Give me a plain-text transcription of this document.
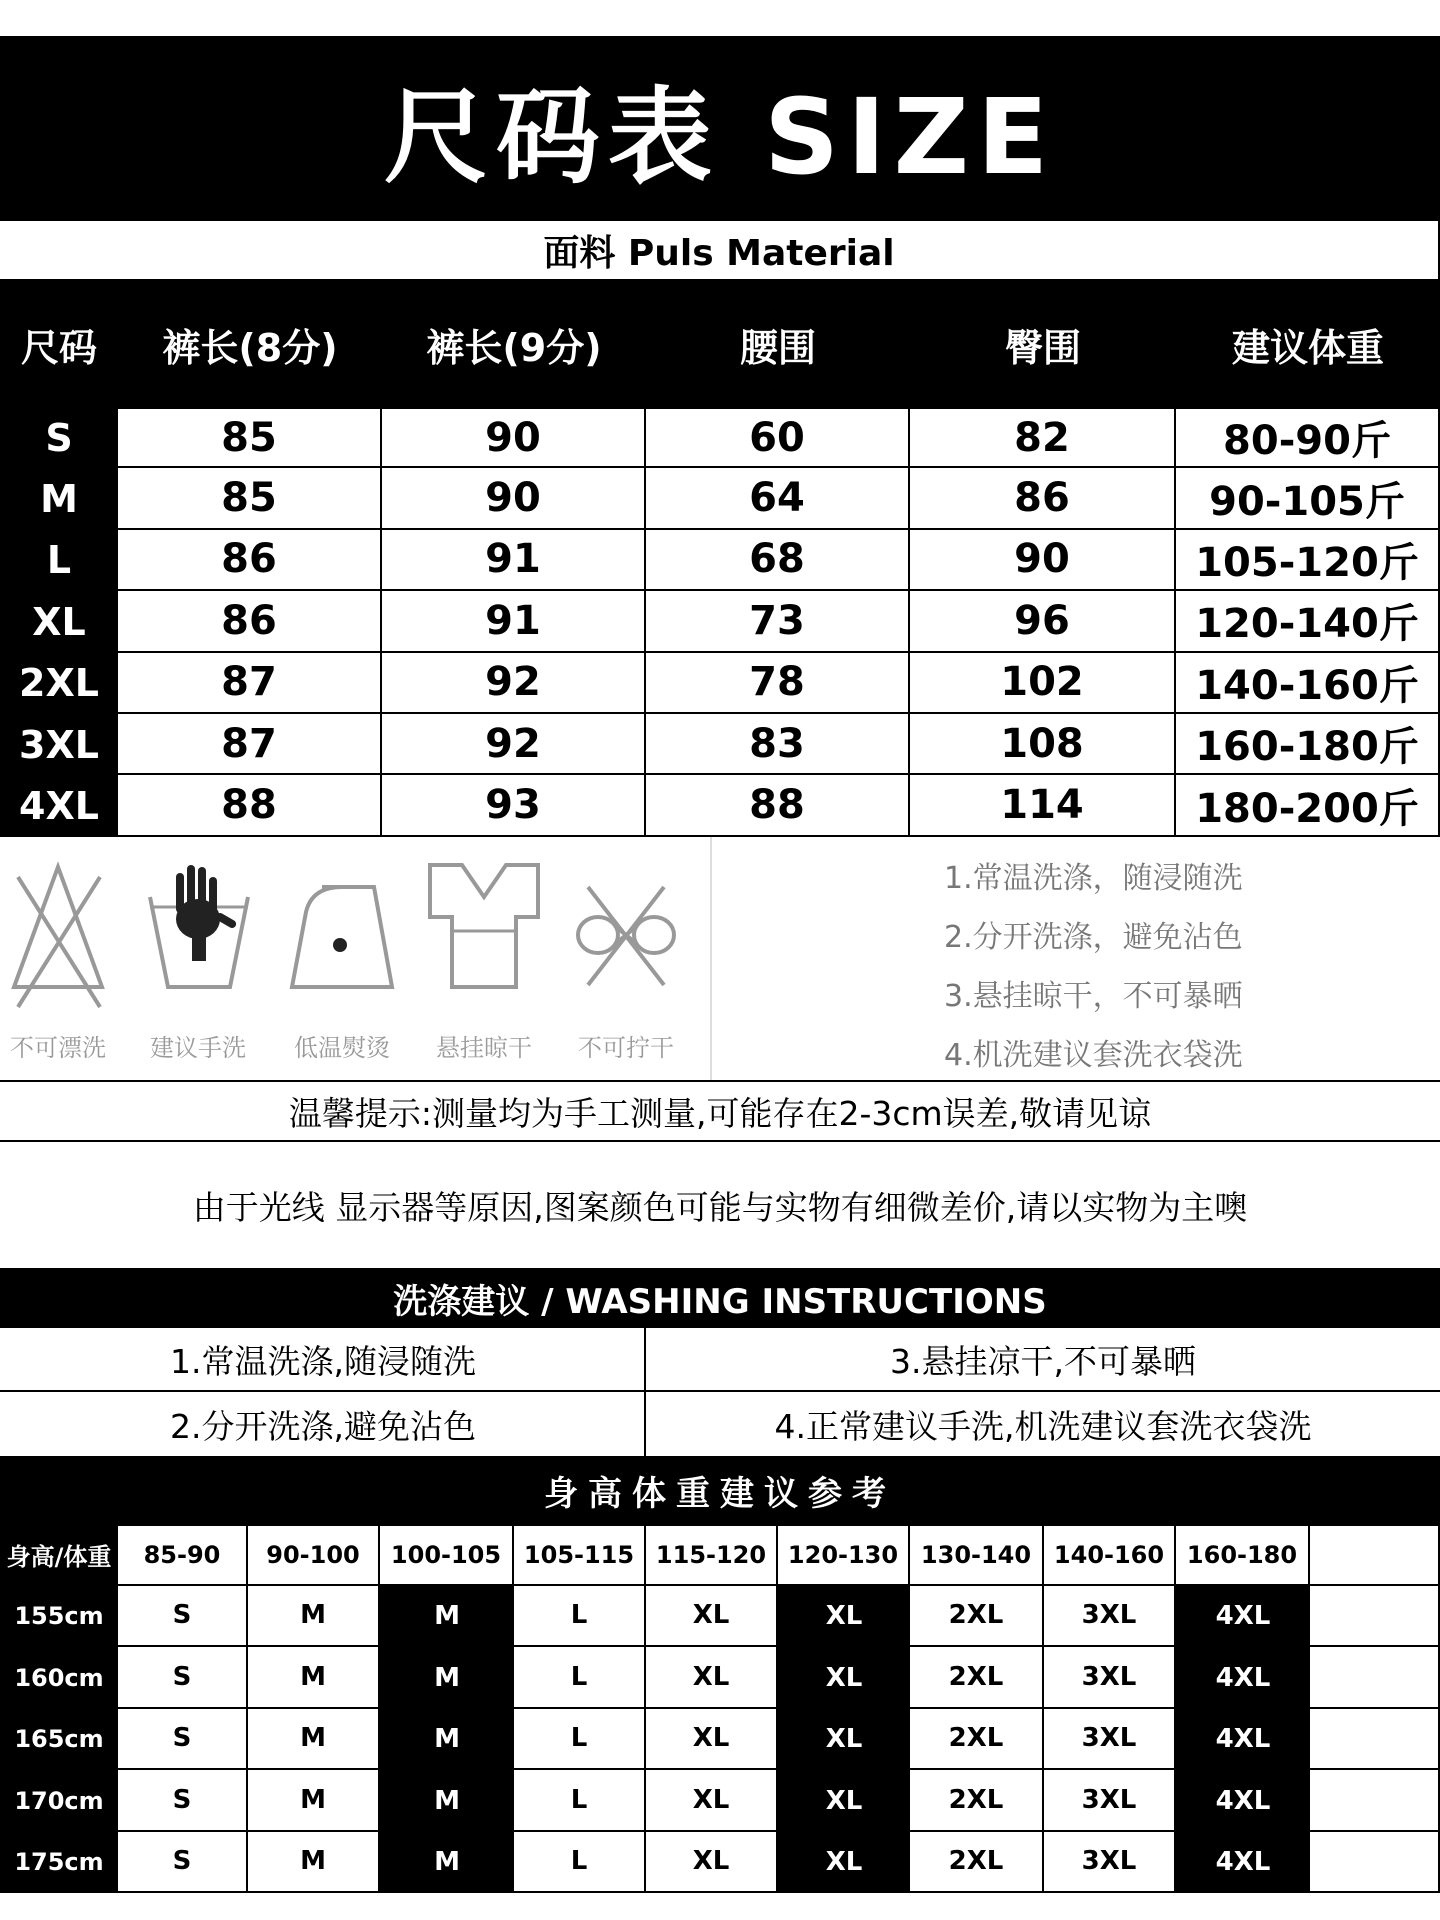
尺码表 SIZE
面料 Puls Material
尺码	裤长(8分)	裤长(9分)	腰围	臀围	建议体重
S	85	90	60	82	80-90斤
M	85	90	64	86	90-105斤
L	86	91	68	90	105-120斤
XL	86	91	73	96	120-140斤
2XL	87	92	78	102	140-160斤
3XL	87	92	83	108	160-180斤
4XL	88	93	88	114	180-200斤
不可漂洗	建议手洗	低温熨烫	悬挂晾干	不可拧干
1.常温洗涤，随浸随洗
2.分开洗涤，避免沾色
3.悬挂晾干，不可暴晒
4.机洗建议套洗衣袋洗
温馨提示:测量均为手工测量,可能存在2-3cm误差,敬请见谅
由于光线 显示器等原因,图案颜色可能与实物有细微差价,请以实物为主噢
洗涤建议 / WASHING INSTRUCTIONS
1.常温洗涤,随浸随洗	3.悬挂凉干,不可暴晒
2.分开洗涤,避免沾色	4.正常建议手洗,机洗建议套洗衣袋洗
身高体重建议参考
身高/体重	85-90	90-100	100-105 105-115 115-120 120-130 130-140 140-160 160-180
155cm	S	M	M	L	XL	XL	2XL	3XL	4XL
160cm	S	M	M	L	XL	XL	2XL	3XL	4XL
165cm	S	M	M	L	XL	XL	2XL	3XL	4XL
170cm	S	M	M	L	XL	XL	2XL	3XL	4XL
175cm	S	M	M	L	XL	XL	2XL	3XL	4XL
